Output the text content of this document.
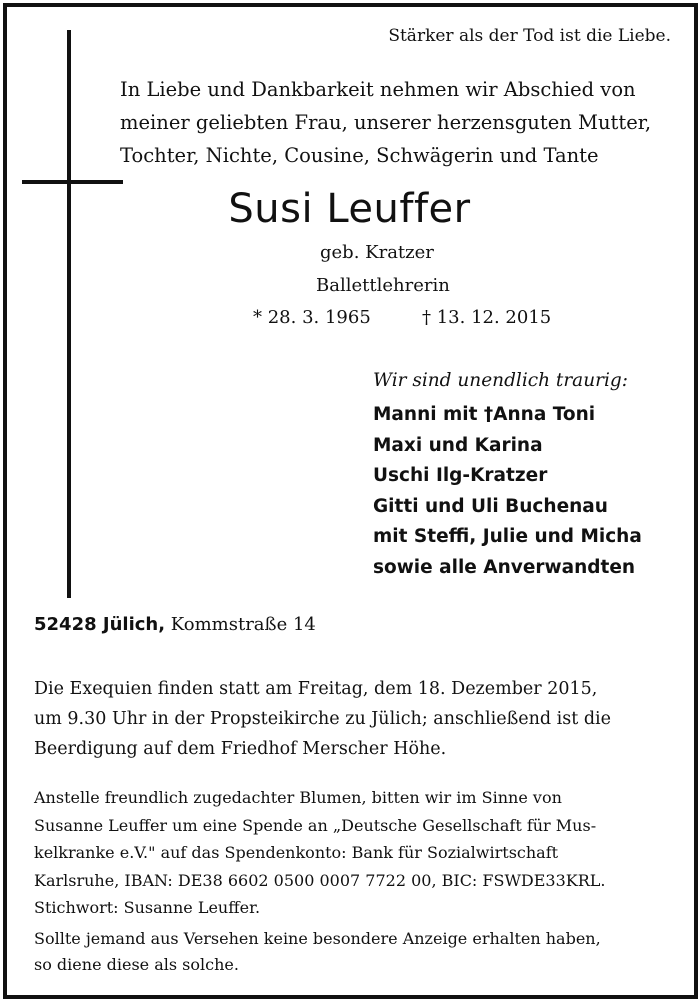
Stärker als der Tod ist die Liebe.
In Liebe und Dankbarkeit nehmen wir Abschied von
meiner geliebten Frau, unserer herzensguten Mutter,
Tochter, Nichte, Cousine, Schwägerin und Tante
Susi Leuffer
geb. Kratzer
Ballettlehrerin
* 28. 3. 1965	† 13. 12. 2015
Wir sind unendlich traurig:
Manni mit †Anna Toni
Maxi und Karina
Uschi Ilg-Kratzer
Gitti und Uli Buchenau
mit Steffi, Julie und Micha
sowie alle Anverwandten
52428 Jülich, Kommstraße 14
Die Exequien finden statt am Freitag, dem 18. Dezember 2015,
um 9.30 Uhr in der Propsteikirche zu Jülich; anschließend ist die
Beerdigung auf dem Friedhof Merscher Höhe.
Anstelle freundlich zugedachter Blumen, bitten wir im Sinne von
Susanne Leuffer um eine Spende an „Deutsche Gesellschaft für Mus-
kelkranke e.V." auf das Spendenkonto: Bank für Sozialwirtschaft
Karlsruhe, IBAN: DE38 6602 0500 0007 7722 00, BIC: FSWDE33KRL.
Stichwort: Susanne Leuffer.
Sollte jemand aus Versehen keine besondere Anzeige erhalten haben,
so diene diese als solche.
